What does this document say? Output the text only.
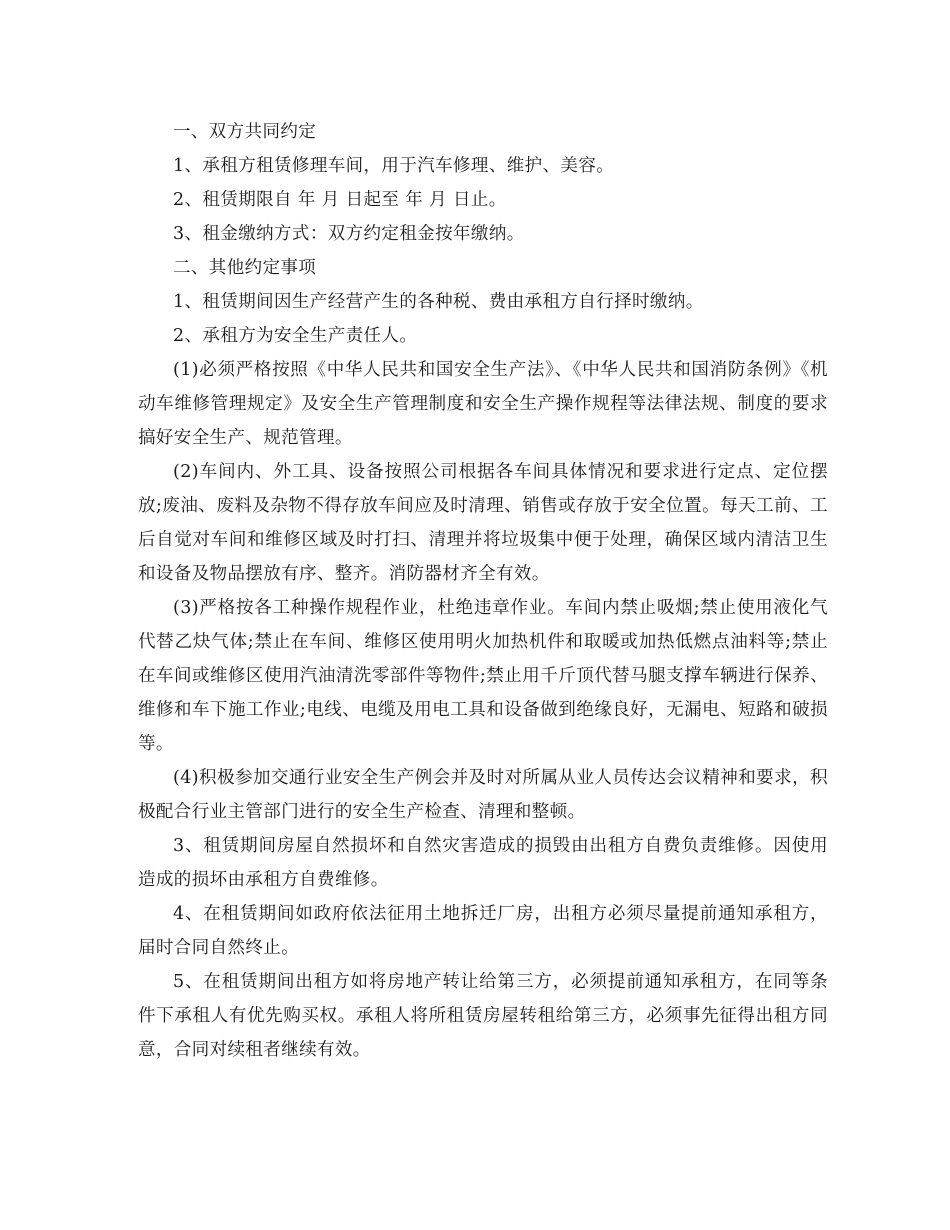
一、双方共同约定

1、承租方租赁修理车间，用于汽车修理、维护、美容。

2、租赁期限自 年 月 日起至 年 月 日止。

3、租金缴纳方式：双方约定租金按年缴纳。

二、其他约定事项

1、租赁期间因生产经营产生的各种税、费由承租方自行择时缴纳。

2、承租方为安全生产责任人。

(1)必须严格按照《中华人民共和国安全生产法》、《中华人民共和国消防条例》《机动车维修管理规定》及安全生产管理制度和安全生产操作规程等法律法规、制度的要求搞好安全生产、规范管理。

(2)车间内、外工具、设备按照公司根据各车间具体情况和要求进行定点、定位摆放;废油、废料及杂物不得存放车间应及时清理、销售或存放于安全位置。每天工前、工后自觉对车间和维修区域及时打扫、清理并将垃圾集中便于处理，确保区域内清洁卫生和设备及物品摆放有序、整齐。消防器材齐全有效。

(3)严格按各工种操作规程作业，杜绝违章作业。车间内禁止吸烟;禁止使用液化气代替乙炔气体;禁止在车间、维修区使用明火加热机件和取暖或加热低燃点油料等;禁止在车间或维修区使用汽油清洗零部件等物件;禁止用千斤顶代替马腿支撑车辆进行保养、维修和车下施工作业;电线、电缆及用电工具和设备做到绝缘良好，无漏电、短路和破损等。

(4)积极参加交通行业安全生产例会并及时对所属从业人员传达会议精神和要求，积极配合行业主管部门进行的安全生产检查、清理和整顿。

3、租赁期间房屋自然损坏和自然灾害造成的损毁由出租方自费负责维修。因使用造成的损坏由承租方自费维修。

4、在租赁期间如政府依法征用土地拆迁厂房，出租方必须尽量提前通知承租方，届时合同自然终止。

5、在租赁期间出租方如将房地产转让给第三方，必须提前通知承租方，在同等条件下承租人有优先购买权。承租人将所租赁房屋转租给第三方，必须事先征得出租方同意，合同对续租者继续有效。
